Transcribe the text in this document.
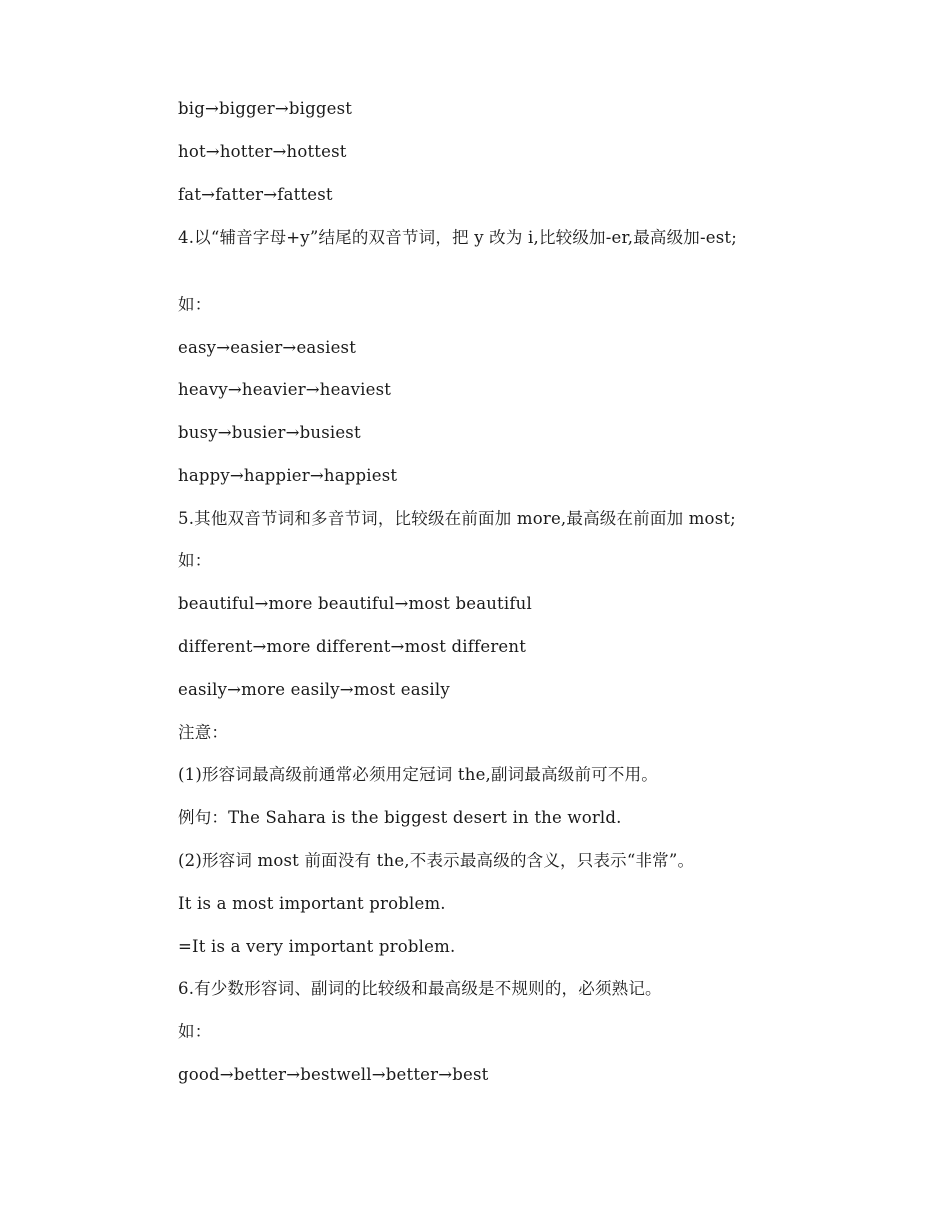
big→bigger→biggest
hot→hotter→hottest
fat→fatter→fattest
4.以“辅音字母+y”结尾的双音节词，把 y 改为 i,比较级加-er,最高级加-est;
如：
easy→easier→easiest
heavy→heavier→heaviest
busy→busier→busiest
happy→happier→happiest
5.其他双音节词和多音节词，比较级在前面加 more,最高级在前面加 most;
如：
beautiful→more beautiful→most beautiful
different→more different→most different
easily→more easily→most easily
注意：
(1)形容词最高级前通常必须用定冠词 the,副词最高级前可不用。
例句：The Sahara is the biggest desert in the world.
(2)形容词 most 前面没有 the,不表示最高级的含义，只表示“非常”。
It is a most important problem.
=It is a very important problem.
6.有少数形容词、副词的比较级和最高级是不规则的，必须熟记。
如：
good→better→bestwell→better→best
